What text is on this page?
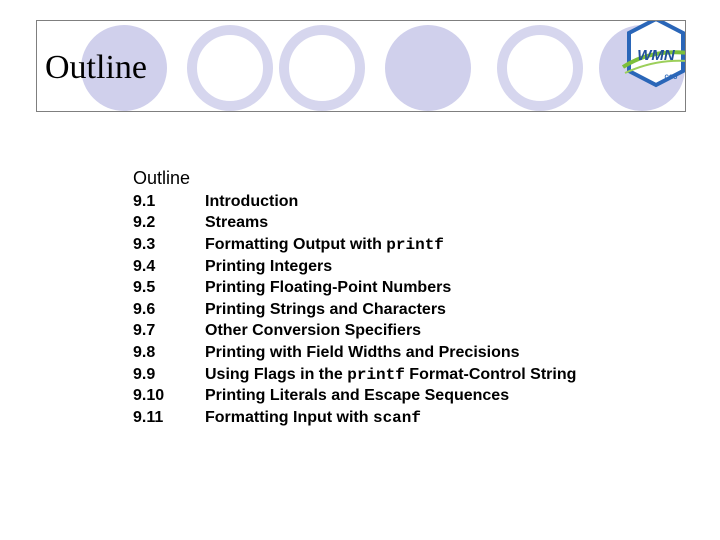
Outline	WMN
CCU
Outline
9.1	Introduction
9.2	Streams
9.3	Formatting Output with printf
9.4	Printing Integers
9.5	Printing Floating-Point Numbers
9.6	Printing Strings and Characters
9.7	Other Conversion Specifiers
9.8	Printing with Field Widths and Precisions
9.9	Using Flags in the printf Format-Control String
9.10	Printing Literals and Escape Sequences
9.11	Formatting Input with scanf
